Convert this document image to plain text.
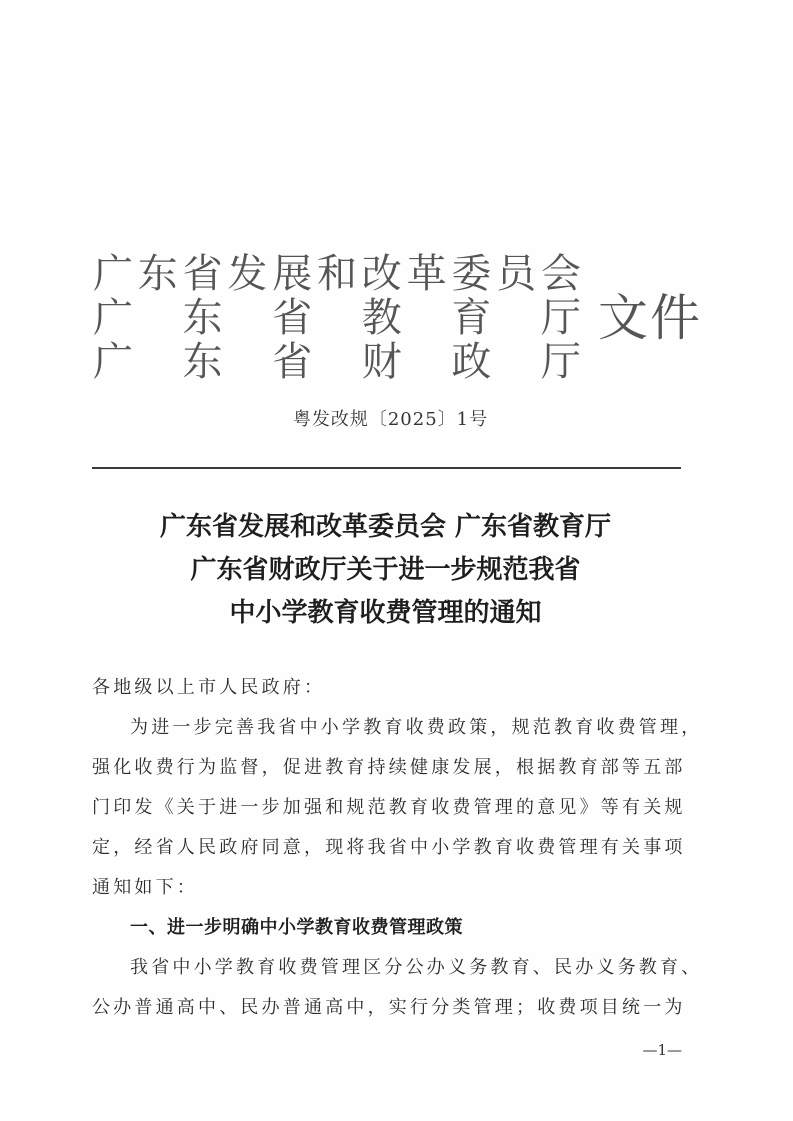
广 东 省 发 展 和 改 革 委 员 会
广 东 省 教 育 厅
广 东 省 财 政 厅
文件
粤发改规〔2025〕1号
广东省发展和改革委员会 广东省教育厅
广东省财政厅关于进一步规范我省
中小学教育收费管理的通知
各地级以上市人民政府：
为进一步完善我省中小学教育收费政策，规范教育收费管理，
强化收费行为监督，促进教育持续健康发展，根据教育部等五部
门印发《关于进一步加强和规范教育收费管理的意见》等有关规
定，经省人民政府同意，现将我省中小学教育收费管理有关事项
通知如下：
一、进一步明确中小学教育收费管理政策
我省中小学教育收费管理区分公办义务教育、民办义务教育、
公办普通高中、民办普通高中，实行分类管理；收费项目统一为
—1—
